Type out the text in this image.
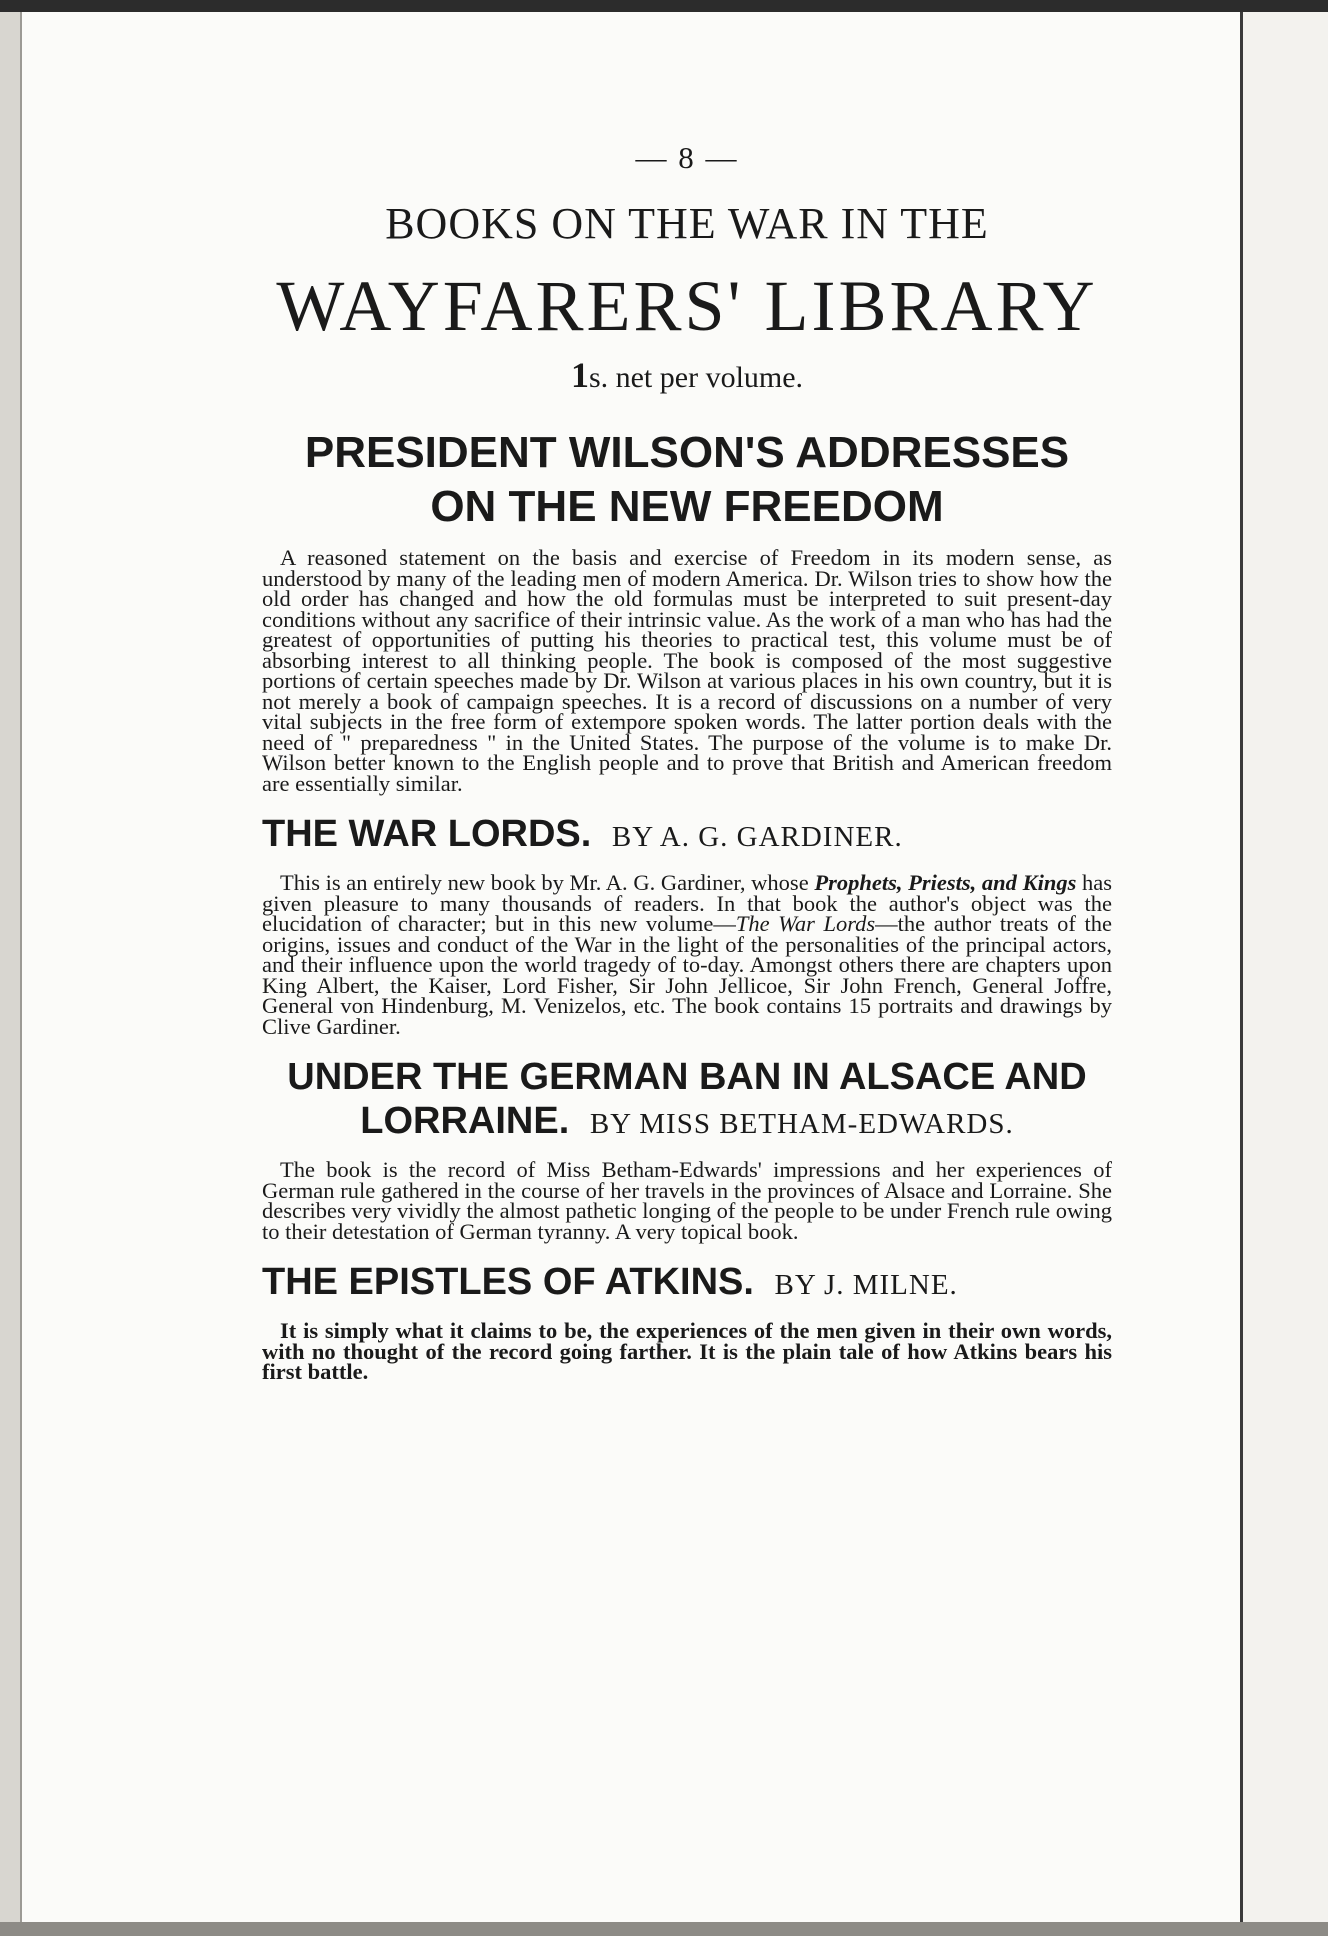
— 8 —
BOOKS ON THE WAR IN THE
WAYFARERS' LIBRARY
1s. net per volume.
PRESIDENT WILSON'S ADDRESSES
ON THE NEW FREEDOM

A reasoned statement on the basis and exercise of Freedom in its modern sense, as understood by many of the leading men of modern America. Dr. Wilson tries to show how the old order has changed and how the old formulas must be interpreted to suit present-day conditions without any sacrifice of their intrinsic value. As the work of a man who has had the greatest of opportunities of putting his theories to practical test, this volume must be of absorbing interest to all thinking people. The book is composed of the most suggestive portions of certain speeches made by Dr. Wilson at various places in his own country, but it is not merely a book of campaign speeches. It is a record of discussions on a number of very vital subjects in the free form of extempore spoken words. The latter portion deals with the need of " preparedness " in the United States. The purpose of the volume is to make Dr. Wilson better known to the English people and to prove that British and American freedom are essentially similar.

THE WAR LORDS. BY A. G. GARDINER.

This is an entirely new book by Mr. A. G. Gardiner, whose Prophets, Priests, and Kings has given pleasure to many thousands of readers. In that book the author's object was the elucidation of character; but in this new volume—The War Lords—the author treats of the origins, issues and conduct of the War in the light of the personalities of the principal actors, and their influence upon the world tragedy of to-day. Amongst others there are chapters upon King Albert, the Kaiser, Lord Fisher, Sir John Jellicoe, Sir John French, General Joffre, General von Hindenburg, M. Venizelos, etc. The book contains 15 portraits and drawings by Clive Gardiner.

UNDER THE GERMAN BAN IN ALSACE AND
LORRAINE. BY MISS BETHAM-EDWARDS.

The book is the record of Miss Betham-Edwards' impressions and her experiences of German rule gathered in the course of her travels in the provinces of Alsace and Lorraine. She describes very vividly the almost pathetic longing of the people to be under French rule owing to their detestation of German tyranny. A very topical book.

THE EPISTLES OF ATKINS. BY J. MILNE.

It is simply what it claims to be, the experiences of the men given in their own words, with no thought of the record going farther. It is the plain tale of how Atkins bears his first battle.
